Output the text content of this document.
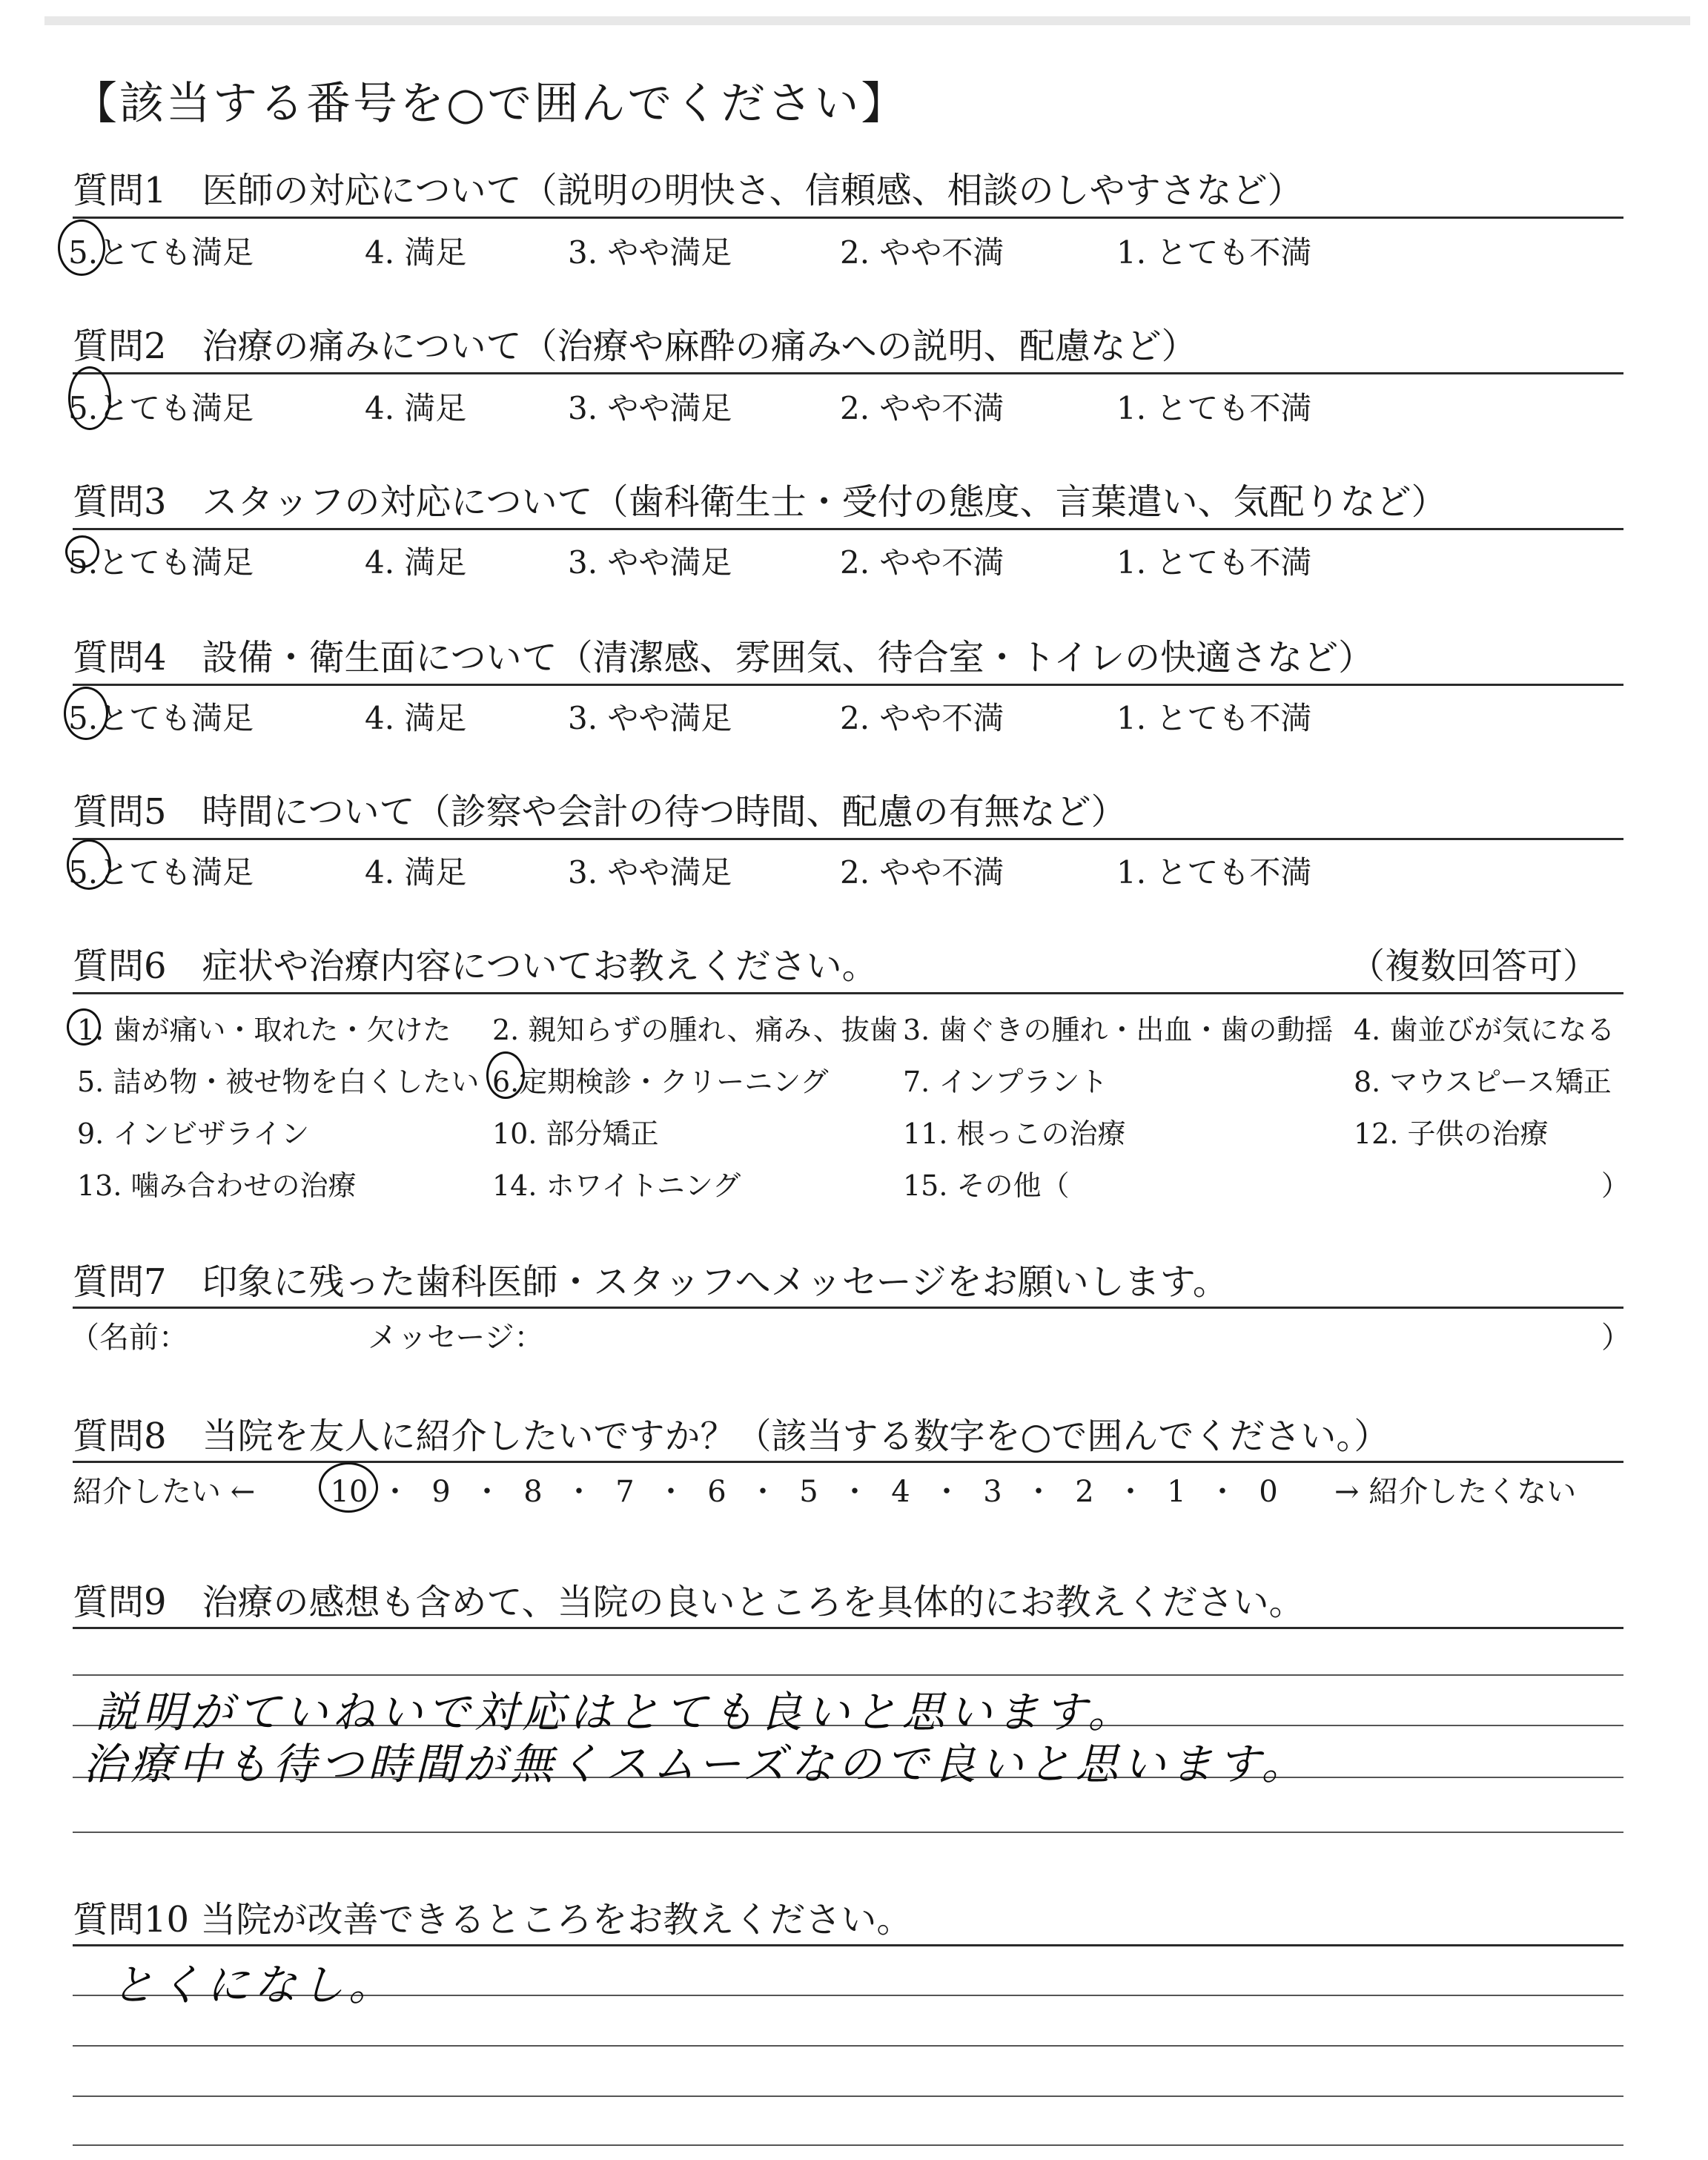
【該当する番号を○で囲んでください】
質問1　医師の対応について（説明の明快さ、信頼感、相談のしやすさなど）
5.とても満足	4. 満足	3. やや満足	2. やや不満	1. とても不満
質問2　治療の痛みについて（治療や麻酔の痛みへの説明、配慮など）
5.とても満足	4. 満足	3. やや満足	2. やや不満	1. とても不満
質問3　スタッフの対応について（歯科衛生士・受付の態度、言葉遣い、気配りなど）
5.とても満足	4. 満足	3. やや満足	2. やや不満	1. とても不満
質問4　設備・衛生面について（清潔感、雰囲気、待合室・トイレの快適さなど）
5.とても満足	4. 満足	3. やや満足	2. やや不満	1. とても不満
質問5　時間について（診察や会計の待つ時間、配慮の有無など）
5.とても満足	4. 満足	3. やや満足	2. やや不満	1. とても不満
質問6　症状や治療内容についてお教えください。	（複数回答可）
1. 歯が痛い・取れた・欠けた 2. 親知らずの腫れ、痛み、抜歯 3. 歯ぐきの腫れ・出血・歯の動揺 4. 歯並びが気になる
5. 詰め物・被せ物を白くしたい 6.定期検診・クリーニング	7. インプラント	8. マウスピース矯正
9. インビザライン	10. 部分矯正	11. 根っこの治療	12. 子供の治療
13. 噛み合わせの治療	14. ホワイトニング	15. その他（	）
質問7　印象に残った歯科医師・スタッフへメッセージをお願いします。
（名前：	メッセージ：	）
質問8　当院を友人に紹介したいですか？（該当する数字を○で囲んでください。）
紹介したい ←	10 ・ 9 ・ 8 ・ 7 ・ 6 ・ 5 ・ 4 ・ 3 ・ 2 ・ 1 ・ 0	→ 紹介したくない
質問9　治療の感想も含めて、当院の良いところを具体的にお教えください。
説明がていねいで対応はとても良いと思います。
治療中も待つ時間が無くスムーズなので良いと思います。
質問10 当院が改善できるところをお教えください。
とくになし。
